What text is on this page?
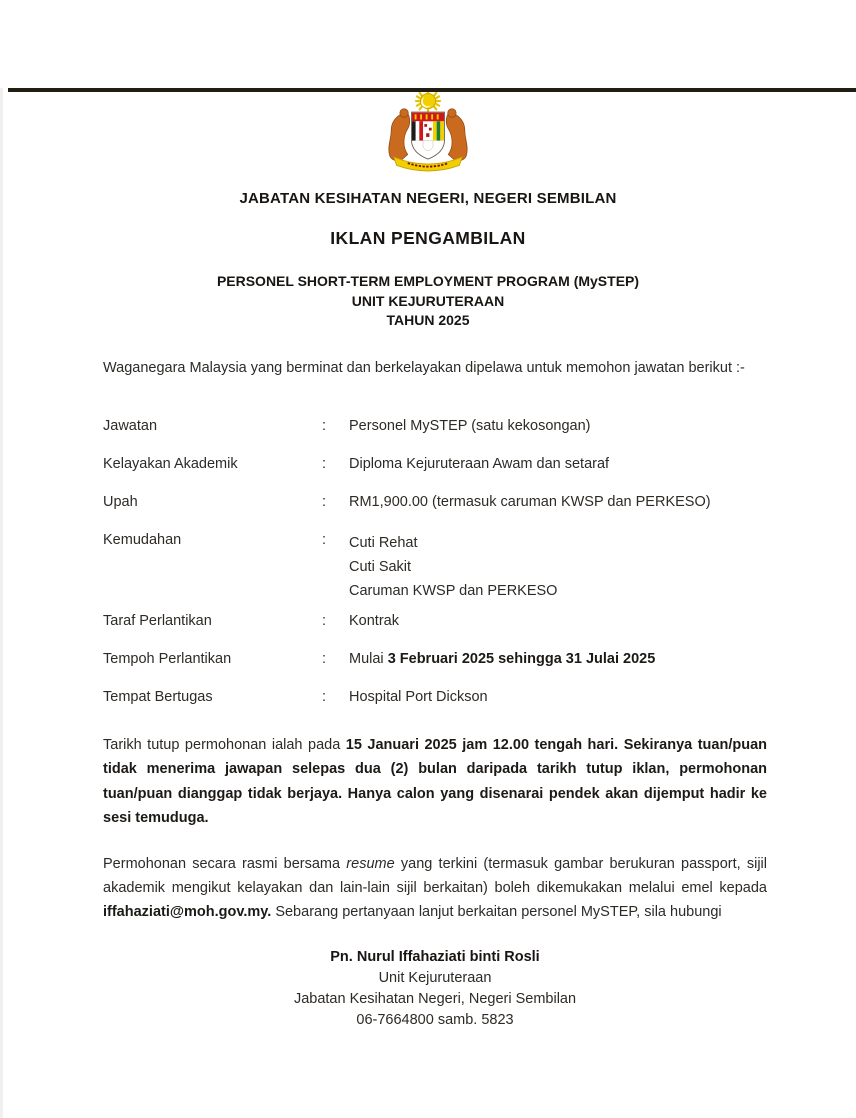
JABATAN KESIHATAN NEGERI, NEGERI SEMBILAN
IKLAN PENGAMBILAN
PERSONEL SHORT-TERM EMPLOYMENT PROGRAM (MySTEP)
UNIT KEJURUTERAAN
TAHUN 2025

Waganegara Malaysia yang berminat dan berkelayakan dipelawa untuk memohon jawatan berikut :-

Jawatan	:	Personel MySTEP (satu kekosongan)
Kelayakan Akademik	:	Diploma Kejuruteraan Awam dan setaraf
Upah	:	RM1,900.00 (termasuk caruman KWSP dan PERKESO)
Kemudahan	:	Cuti Rehat
Cuti Sakit
Caruman KWSP dan PERKESO
Taraf Perlantikan	:	Kontrak
Tempoh Perlantikan	:	Mulai 3 Februari 2025 sehingga 31 Julai 2025
Tempat Bertugas	:	Hospital Port Dickson

Tarikh tutup permohonan ialah pada 15 Januari 2025 jam 12.00 tengah hari. Sekiranya tuan/puan tidak menerima jawapan selepas dua (2) bulan daripada tarikh tutup iklan, permohonan tuan/puan dianggap tidak berjaya. Hanya calon yang disenarai pendek akan dijemput hadir ke sesi temuduga.

Permohonan secara rasmi bersama resume yang terkini (termasuk gambar berukuran passport, sijil akademik mengikut kelayakan dan lain-lain sijil berkaitan) boleh dikemukakan melalui emel kepada iffahaziati@moh.gov.my. Sebarang pertanyaan lanjut berkaitan personel MySTEP, sila hubungi

Pn. Nurul Iffahaziati binti Rosli
Unit Kejuruteraan
Jabatan Kesihatan Negeri, Negeri Sembilan
06-7664800 samb. 5823
